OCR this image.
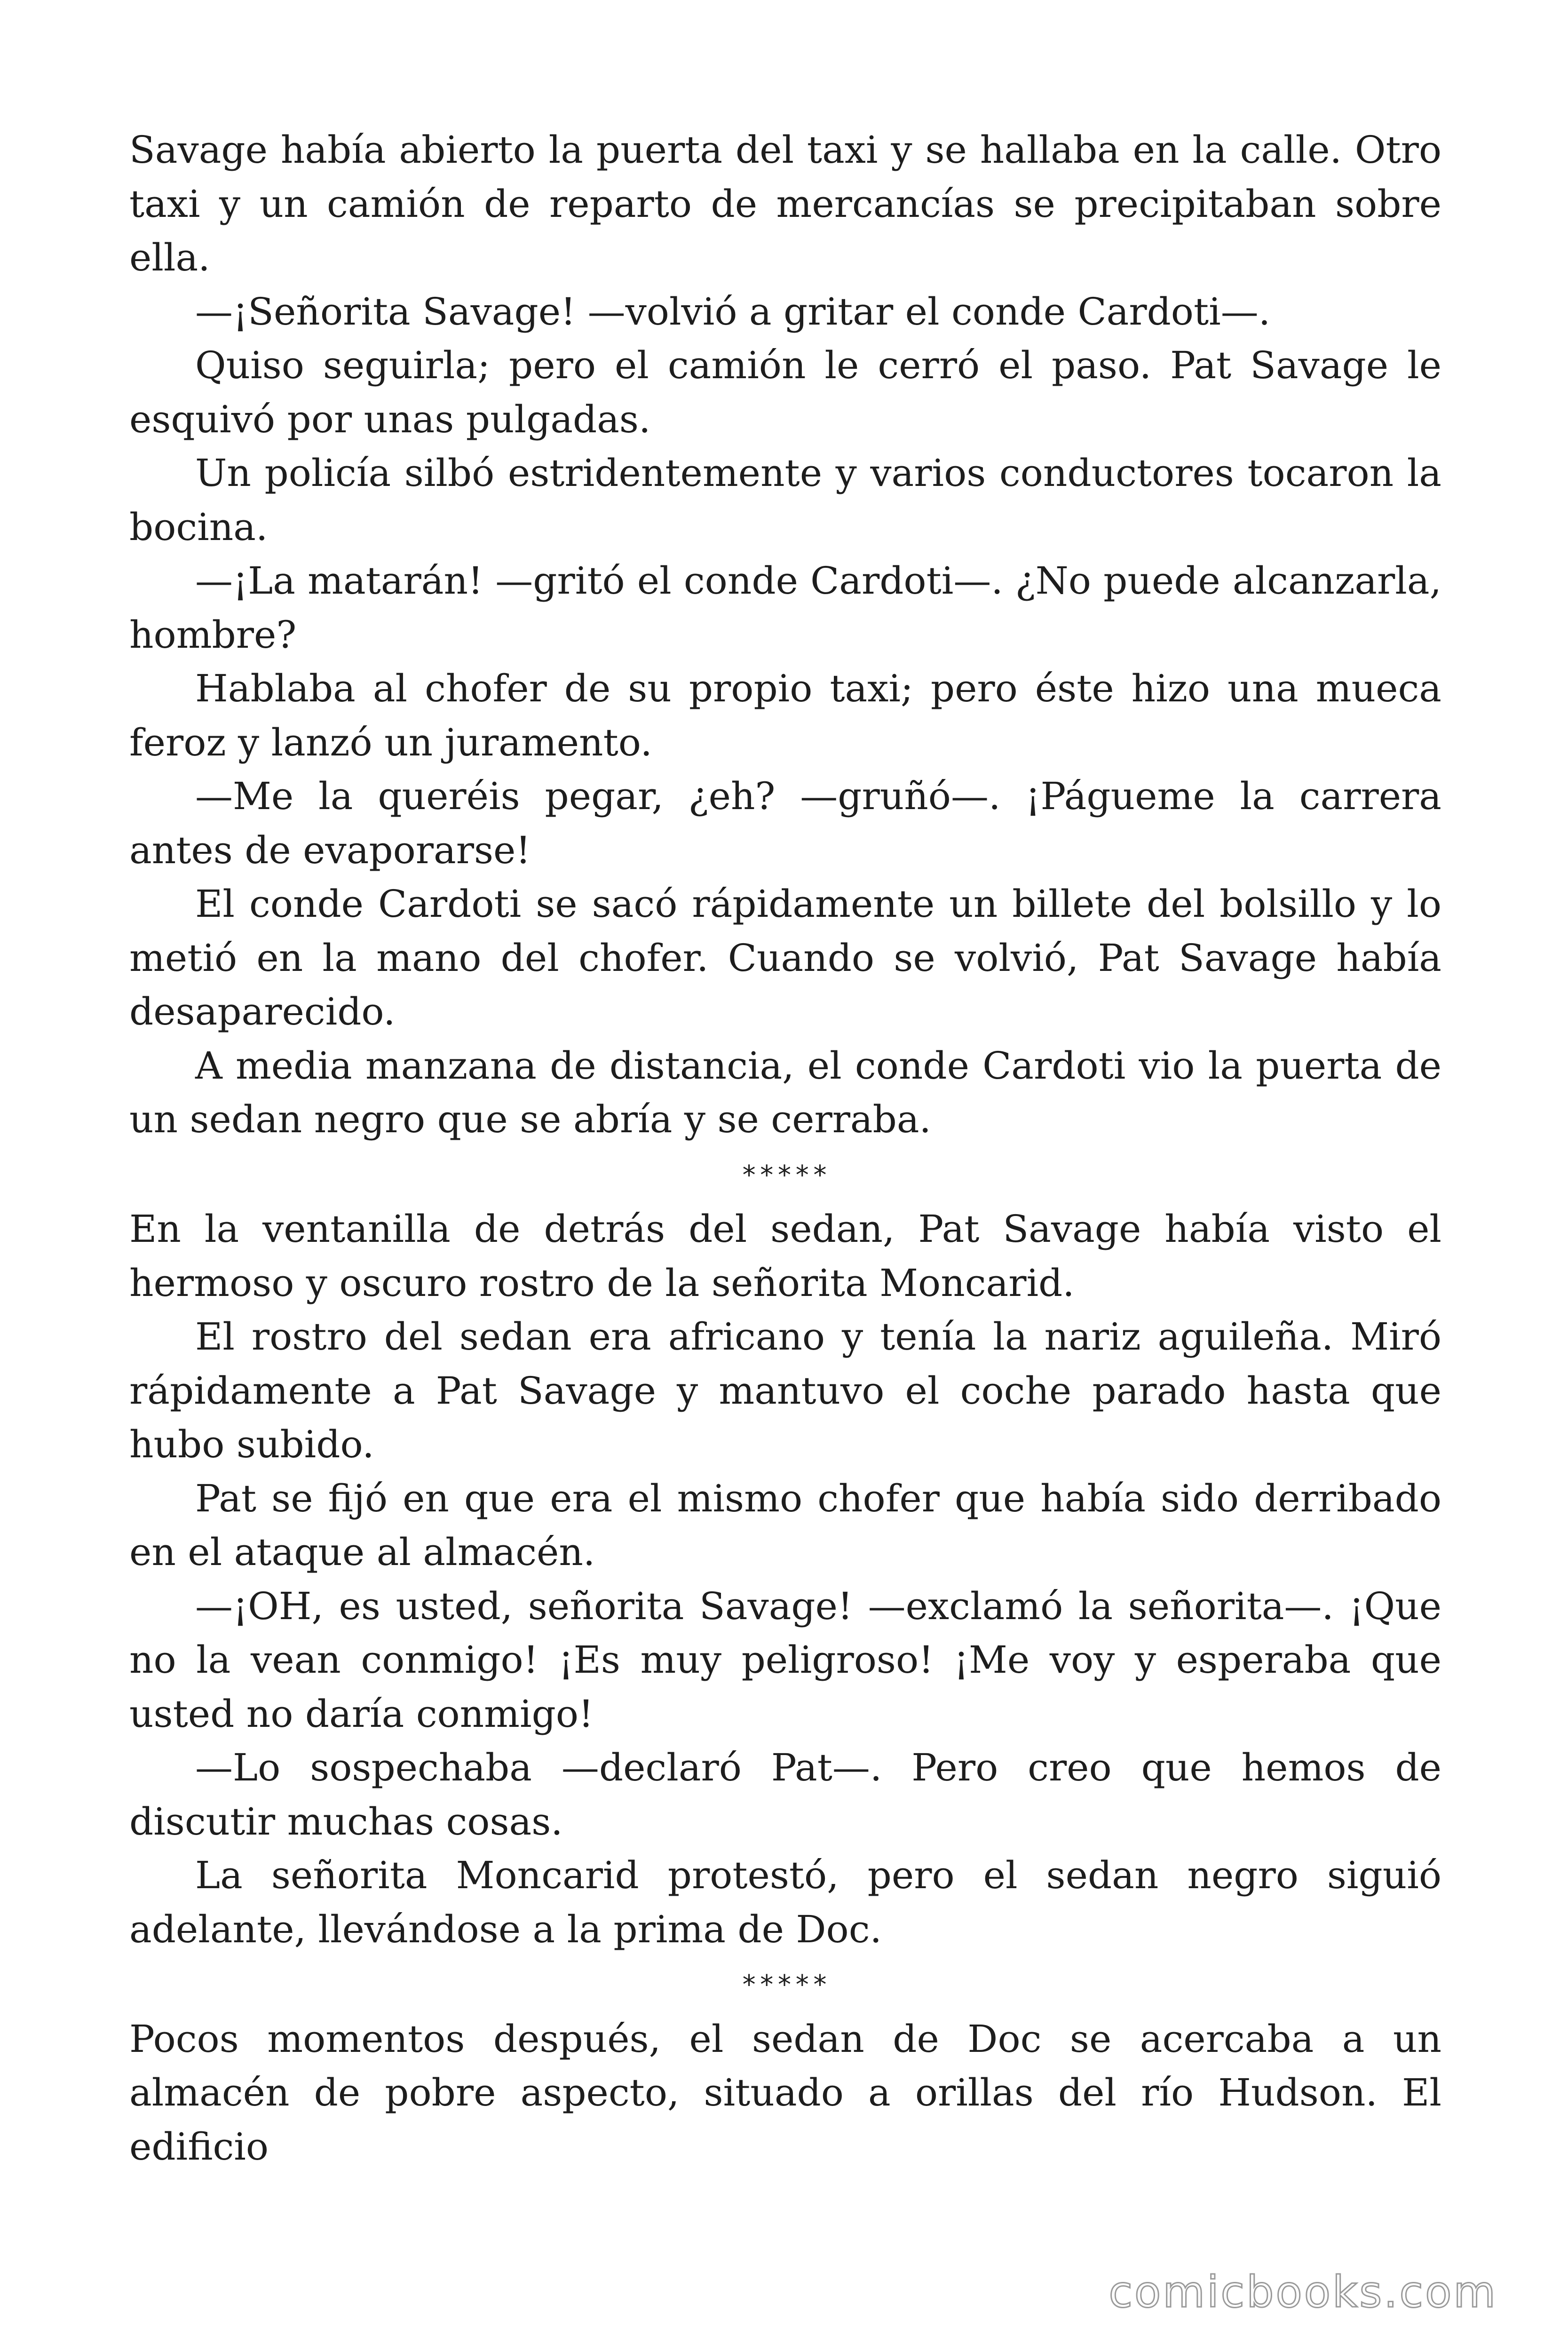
Savage había abierto la puerta del taxi y se hallaba en la calle. Otro taxi y un camión de reparto de mercancías se precipitaban sobre ella.

—¡Señorita Savage! —volvió a gritar el conde Cardoti—.

Quiso seguirla; pero el camión le cerró el paso. Pat Savage le esquivó por unas pulgadas.

Un policía silbó estridentemente y varios conductores tocaron la bocina.

—¡La matarán! —gritó el conde Cardoti—. ¿No puede alcanzarla, hombre?

Hablaba al chofer de su propio taxi; pero éste hizo una mueca feroz y lanzó un juramento.

—Me la queréis pegar, ¿eh? —gruñó—. ¡Págueme la carrera antes de evaporarse!

El conde Cardoti se sacó rápidamente un billete del bolsillo y lo metió en la mano del chofer. Cuando se volvió, Pat Savage había desaparecido.

A media manzana de distancia, el conde Cardoti vio la puerta de un sedan negro que se abría y se cerraba.

*****

En la ventanilla de detrás del sedan, Pat Savage había visto el hermoso y oscuro rostro de la señorita Moncarid.

El rostro del sedan era africano y tenía la nariz aguileña. Miró rápidamente a Pat Savage y mantuvo el coche parado hasta que hubo subido.

Pat se fijó en que era el mismo chofer que había sido derribado en el ataque al almacén.

—¡OH, es usted, señorita Savage! —exclamó la señorita—. ¡Que no la vean conmigo! ¡Es muy peligroso! ¡Me voy y esperaba que usted no daría conmigo!

—Lo sospechaba —declaró Pat—. Pero creo que hemos de discutir muchas cosas.

La señorita Moncarid protestó, pero el sedan negro siguió adelante, llevándose a la prima de Doc.

*****

Pocos momentos después, el sedan de Doc se acercaba a un almacén de pobre aspecto, situado a orillas del río Hudson. El edificio

comicbooks.com
